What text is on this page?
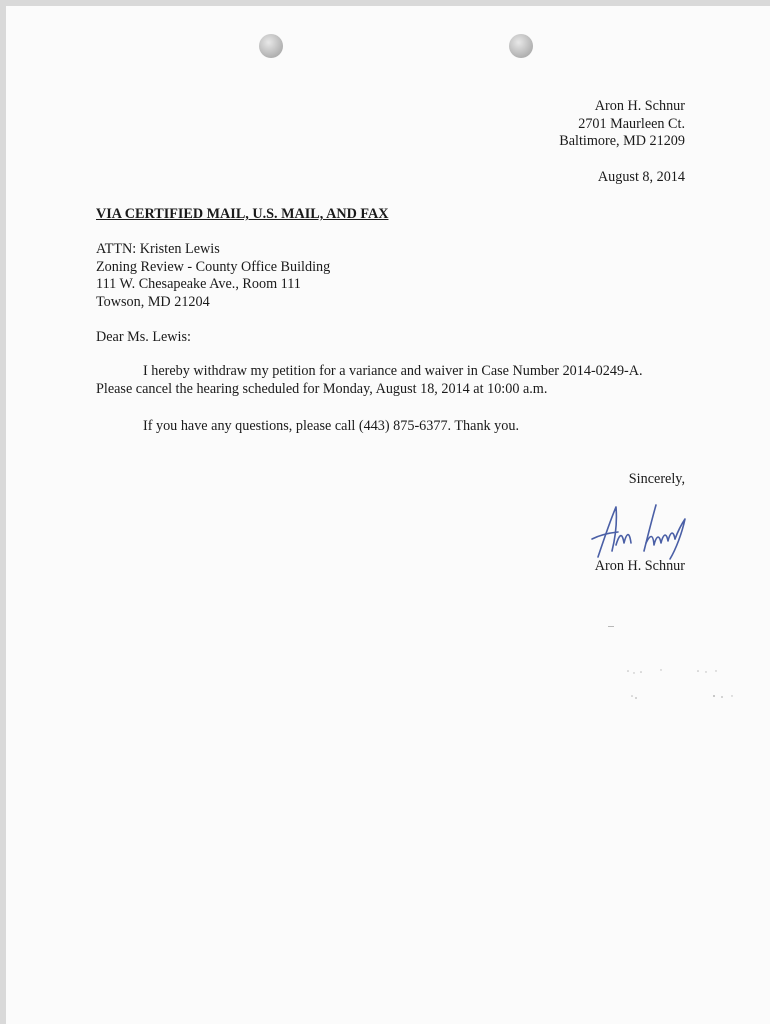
Aron H. Schnur
2701 Maurleen Ct.
Baltimore, MD 21209
August 8, 2014
VIA CERTIFIED MAIL, U.S. MAIL, AND FAX
ATTN: Kristen Lewis
Zoning Review - County Office Building
111 W. Chesapeake Ave., Room 111
Towson, MD 21204
Dear Ms. Lewis:
I hereby withdraw my petition for a variance and waiver in Case Number 2014-0249-A.
Please cancel the hearing scheduled for Monday, August 18, 2014 at 10:00 a.m.
If you have any questions, please call (443) 875-6377. Thank you.
Sincerely,
Aron H. Schnur
